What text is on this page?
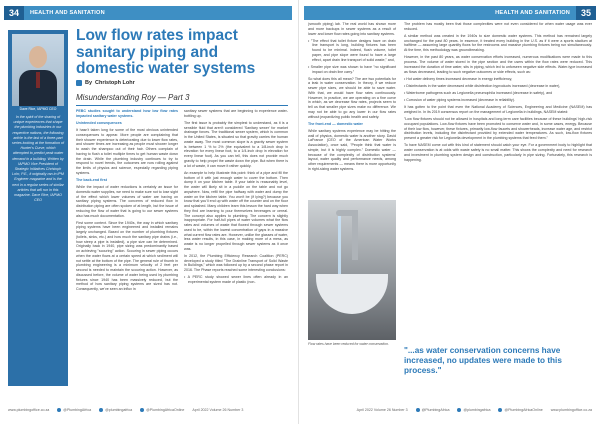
34	HEALTH AND SANITATION	HEALTH AND SANITATION	35
Dave Rice, IAPMO CEO
In the spirit of the sharing of unique experiences that shape the plumbing industries in our respective nations, the following article is the last of a three-part series looking at the formation of Hunter's Curve, which attempted to predict peak water demand in a building. Written by IAPMO Vice President of Strategic Initiatives Christoph Lohr, P.E., it originally ran in IPM Engineer magazine and is the next in a regular series of similar articles that will run in this magazine. Dave Rice, IAPMO CEO
Low flow rates impact sanitary piping and domestic water systems
By Christoph Lohr
Misunderstanding Roy — Part 3

PEBC studies sought to understand how low flow rates impacted sanitary water systems.

Unintended consequences

It hasn't taken long for some of the most obvious unintended consequences to appear. More people are complaining that their shower experience is deteriorating due to lower flow rates, and shower times are increasing as people must shower longer to wash the shampoo out of their hair. Others complain of having to flush a toilet multiple times to get human waste down the drain. While the plumbing industry continues to try to respond to novel trends, the outcomes are now rolling against the limits of physics and science, especially regarding piping systems.

The back-end first

While the impact of water reductions is certainly an issue for domestic water supplies, we need to make sure not to lose sight of the effect which lower volumes of water are having on sanitary piping systems. The concerns of reduced flow in distribution piping are often spoken of at length, but the issue of reducing the flow of water that is going to our sewer systems also has much documentation.

First some context. Since the 1940s, the way in which sanitary piping systems have been engineered and installed remains largely unchanged. Based on the number of plumbing fixtures (toilets, sinks, etc.) and how much the sanitary pipe drains (i.e., how steep a pipe is installed), a pipe size can be determined. Originally back in 1940, pipe sizing was predominantly based on achieving "scouring" action. Scouring in sewer piping occurs when the water flows at a certain speed at which sediment will not settle at the bottom of the pipe. The general rule of thumb in plumbing engineering is a minimum velocity of 2 feet per second is needed to maintain the scouring action. However, as discussed before, the volume of water being used by plumbing fixtures since 1940 has been massively reduced, but the method of how sanitary piping systems are sized has not. Consequently, we've seen an influx in

sanitary sewer systems that are beginning to experience water-bottling up.

The first issue is probably the simplest to understand, as it is a sensible fluid that aren't considered 'Sanitary sewer' for market drainage forces. The traditional sewer system, which is common in the United States, is situated so that gravity carries the human waste away. The most common slope is a gravity sewer system is between 1 % to 2% (the equivalent to a 1/8-inch drop in elevation for every linear foot, to a 1/4-inch drop in elevation for every linear foot). As you can tell, this does not provide much gravity to help propel the waste down the pipe. But when there is a lot of waste, it can move it rather quickly.

An example to help illustrate this point: think of a pipe and fill the bottom of it with just enough water to cover the bottom. Then dump it on your kitchen table. If your table is reasonably level, the water will likely sit in a puddle on the table and not go anywhere. Now, refill the pipe halfway with water and dump the water on the kitchen table. You won't be (if lying?) because you know that you'll end up with water off the counter and on the floor and splashed. Many children learn this lesson the hard way when they find are learning to pour themselves beverages or cereal. The concept also applies to plumbing. The concern is slightly inappropriate. For half-full pipes of water volumes what the flow rates and volumes of waste that flowed through sewer systems used to be, within the lowest concentration of gaps in a massive what current flow rates are. However, unlike the glasses of water, less water results, in this case, in making more of a mess, as waste is no longer propelled through sewer systems as it once was.

In 2012, the Plumbing Efficiency Research Coalition (PERC) developed a study titled "The Drainline Transport of Solid Waste in Buildings," which was followed up by a second phase report in 2016. The Phase reports reached some interesting conclusions:

• A PERC study showed sewer lines often already in an experimental system made of plastic (non-

(smooth piping) lab. The real world has shown more and more backups in sewer systems as a result of lower and lower flow rates going into sanitary systems.

• "The effect that toilet fixture designs have on drain line transport is long, building fixtures has been found to be minimal. Indeed, flush volume, toilet paper, and pipe slope were found to have a large effect, apart drain line transport of solid waste," and,

• Smaller pipe size was shown to have "no significant impact on drain line carry."

So what does this all mean? The are two potentials for a leak in water conservation. In theory, if we reduce sewer pipe sizes, we should be able to save water. With that, we would have flow rates continuously. However, in practice, we are operating on a fine curve in which, as we decrease flow rates, projects seem to tell us that smaller pipe sizes make no difference. We may not be able to go any lower in our flow rates without jeopardizing public health and safety.

The front-end — domestic water

While sanitary systems experience may be hitting the wall of physics, domestic water is another story. David LaFrance (CEO of the American Water Works Association), once said, "People think that water is simple, but it is highly complex." Domestic water — because of the complexity of distribution systems' layout, water quality and performance needs, among other requirements — means there is more opportunity in right-sizing water systems.

Flow rates have been reduced for water conservation.

The problem has mostly been that those complexities were not even considered for when water usage was ever reduced.

A similar method was created in the 1940s to size domestic water systems. This method has remained largely unchanged for the past 80 years. In essence, it treated every building in the U.S. as if it were a sports stadium at halftime — assuming large quantity flows for the restrooms and massive plumbing fixtures being run simultaneously. At the time, this methodology was groundbreaking.

However, in the past 80 years, as water conservation efforts increased, numerous modifications were made to this process. The volume of water stored in the pipe section and the users within the flow rates were reduced. This increased the duration of time water, sits in piping, which led to unforseen negative side effects. Water-type increased as flows decreased, leading to such negative outcomes or side effects, such as:

• Hot water delivery times increased decrease in energy inefficiency,

• Disinfectants in the water decreased while disinfection byproducts increased (decrease in water),

• Waterborne pathogens such as Legionella pneumophila increased (decrease in safety), and

• Corrosion of water piping systems increased (decrease in reliability).

It has gotten to the point that even the National Academy of Sciences, Engineering and Medicine (NASEM) has weighed in. In its 2019 consensus report on the management of Legionella in buildings, NASEM stated:

"Low flow fixtures should not be allowed in hospitals and long-term care facilities because of these buildings' high-risk occupant populations. Low-flow fixtures have been promoted to conserve water and, in some cases, energy. Because of their low flow, however, these fixtures, primarily low-flow faucets and showerheads, increase water age, and restrict distribution levels, including the disinfectant provided by extended water temperatures. As such, low-flow fixtures present a greater risk for Legionella development in the plumbing systems that feed them."

To have NASEM come out with this kind of statement should catch your eye. For a government body to highlight that water conservation is at odds with waste safety is no small matter. This shows the complexity and need for research and investment in plumbing system design and construction, particularly in pipe sizing. Fortunately, this research is happening.

"...as water conservation concerns have increased, no updates were made to this process."
www.plumbingoffice.co.za	@PlumbingAfrica	@plumbingafrica	@PlumbingAfricaOnline April 2022 Volume 26 Number 3	April 2022 Volume 26 Number 3	@PlumbingAfrica	@plumbingafrica	@PlumbingAfricaOnline www.plumbingoffice.co.za
